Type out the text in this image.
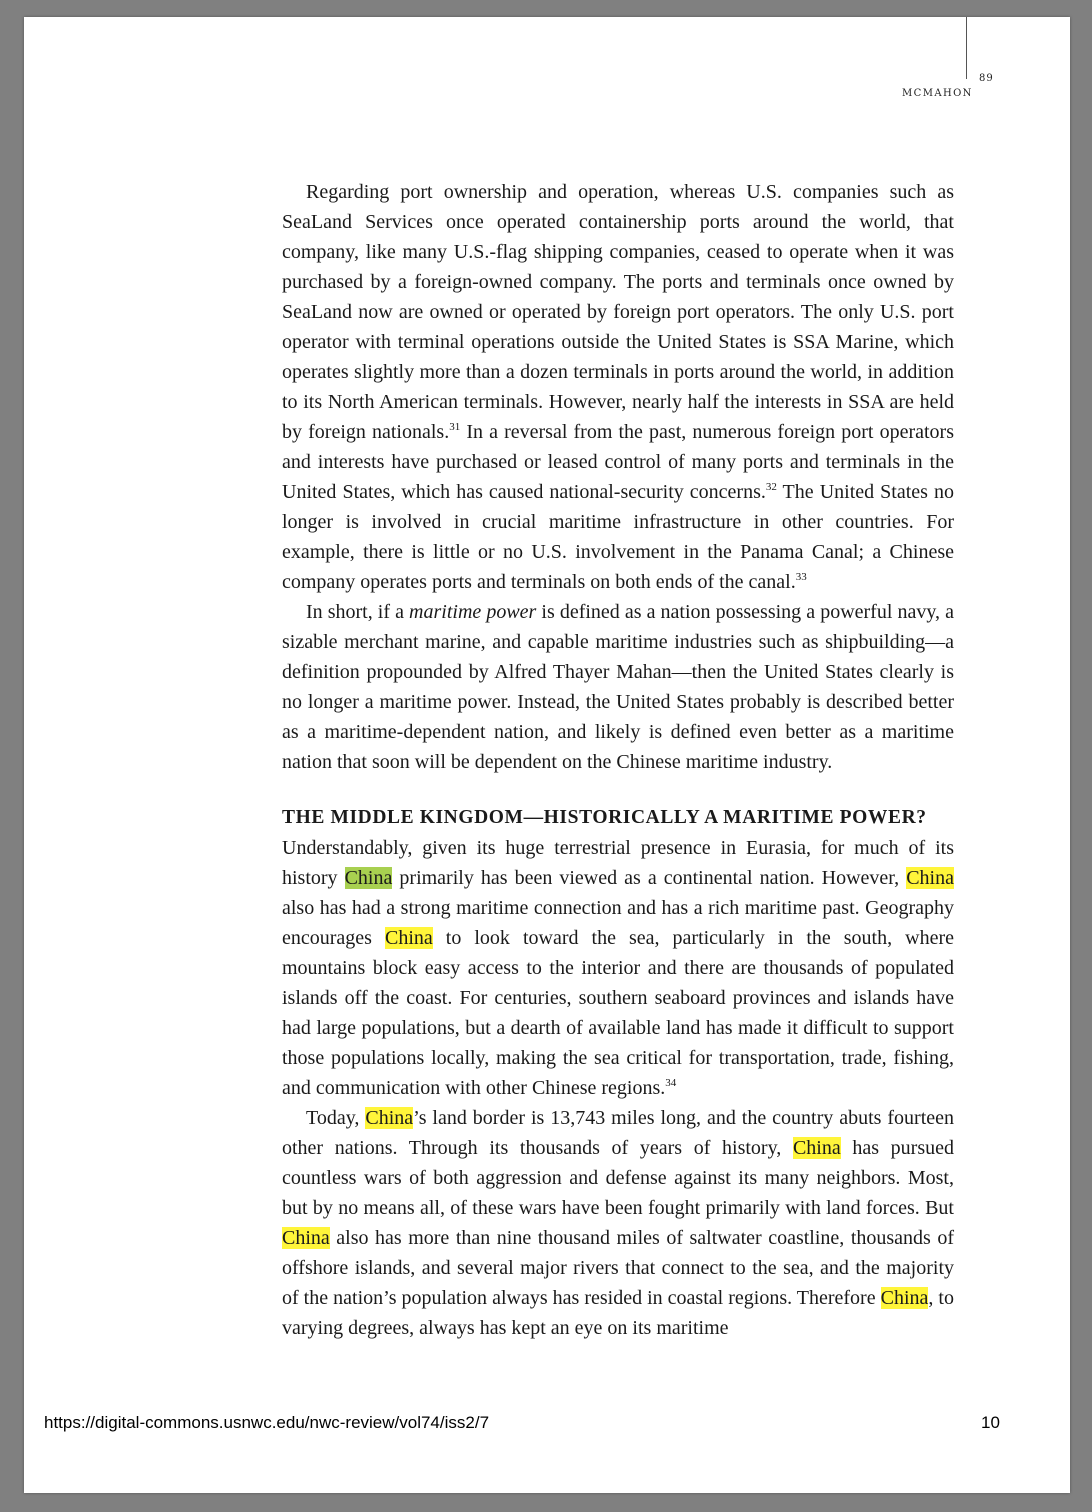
MCMAHON
89

Regarding port ownership and operation, whereas U.S. companies such as SeaLand Services once operated containership ports around the world, that company, like many U.S.-flag shipping companies, ceased to operate when it was purchased by a foreign-owned company. The ports and terminals once owned by SeaLand now are owned or operated by foreign port operators. The only U.S. port operator with terminal operations outside the United States is SSA Marine, which operates slightly more than a dozen terminals in ports around the world, in addition to its North American terminals. However, nearly half the interests in SSA are held by foreign nationals.$^{31}$ In a reversal from the past, numerous foreign port operators and interests have purchased or leased control of many ports and terminals in the United States, which has caused national-security concerns.$^{32}$ The United States no longer is involved in crucial maritime infrastructure in other countries. For example, there is little or no U.S. involvement in the Panama Canal; a Chinese company operates ports and terminals on both ends of the canal.$^{33}$

In short, if a maritime power is defined as a nation possessing a powerful navy, a sizable merchant marine, and capable maritime industries such as shipbuilding—a definition propounded by Alfred Thayer Mahan—then the United States clearly is no longer a maritime power. Instead, the United States probably is described better as a maritime-dependent nation, and likely is defined even better as a maritime nation that soon will be dependent on the Chinese maritime industry.

THE MIDDLE KINGDOM—HISTORICALLY A MARITIME POWER?

Understandably, given its huge terrestrial presence in Eurasia, for much of its history China primarily has been viewed as a continental nation. However, China also has had a strong maritime connection and has a rich maritime past. Geography encourages China to look toward the sea, particularly in the south, where mountains block easy access to the interior and there are thousands of populated islands off the coast. For centuries, southern seaboard provinces and islands have had large populations, but a dearth of available land has made it difficult to support those populations locally, making the sea critical for transportation, trade, fishing, and communication with other Chinese regions.$^{34}$

Today, China’s land border is 13,743 miles long, and the country abuts fourteen other nations. Through its thousands of years of history, China has pursued countless wars of both aggression and defense against its many neighbors. Most, but by no means all, of these wars have been fought primarily with land forces. But China also has more than nine thousand miles of saltwater coastline, thousands of offshore islands, and several major rivers that connect to the sea, and the majority of the nation’s population always has resided in coastal regions. Therefore China, to varying degrees, always has kept an eye on its maritime

https://digital-commons.usnwc.edu/nwc-review/vol74/iss2/7	10
